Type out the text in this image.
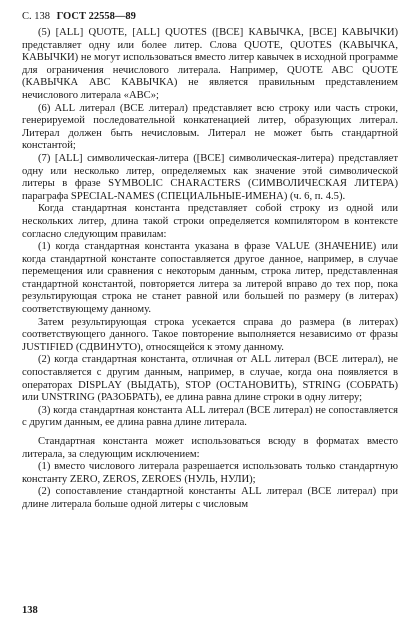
С. 138 ГОСТ 22558—89

(5) [ALL] QUOTE, [ALL] QUOTES ([ВСЕ] КАВЫЧКА, [ВСЕ] КАВЫЧКИ) представляет одну или более литер. Слова QUOTE, QUOTES (КАВЫЧКА, КАВЫЧКИ) не могут использоваться вместо литер кавычек в исходной программе для ограничения нечислового литерала. Например, QUOTE ABC QUOTE (КАВЫЧКА ABC КАВЫЧКА) не является правильным представлением нечислового литерала «ABC»;

(6) ALL литерал (ВСЕ литерал) представляет всю строку или часть строки, генерируемой последовательной конкатенацией литер, образующих литерал. Литерал должен быть нечисловым. Литерал не может быть стандартной константой;

(7) [ALL] символическая-литера ([ВСЕ] символическая-литера) представляет одну или несколько литер, определяемых как значение этой символической литеры в фразе SYMBOLIC CHARACTERS (СИМВОЛИЧЕСКАЯ ЛИТЕРА) параграфа SPECIAL-NAMES (СПЕЦИАЛЬНЫЕ-ИМЕНА) (ч. 6, п. 4.5).

Когда стандартная константа представляет собой строку из одной или нескольких литер, длина такой строки определяется компилятором в контексте согласно следующим правилам:

(1) когда стандартная константа указана в фразе VALUE (ЗНАЧЕНИЕ) или когда стандартной константе сопоставляется другое данное, например, в случае перемещения или сравнения с некоторым данным, строка литер, представленная стандартной константой, повторяется литера за литерой вправо до тех пор, пока результирующая строка не станет равной или большей по размеру (в литерах) соответствующему данному.

Затем результирующая строка усекается справа до размера (в литерах) соответствующего данного. Такое повторение выполняется независимо от фразы JUSTIFIED (СДВИНУТО), относящейся к этому данному.

(2) когда стандартная константа, отличная от ALL литерал (ВСЕ литерал), не сопоставляется с другим данным, например, в случае, когда она появляется в операторах DISPLAY (ВЫДАТЬ), STOP (ОСТАНОВИТЬ), STRING (СОБРАТЬ) или UNSTRING (РАЗОБРАТЬ), ее длина равна длине строки в одну литеру;

(3) когда стандартная константа ALL литерал (ВСЕ литерал) не сопоставляется с другим данным, ее длина равна длине литерала.

Стандартная константа может использоваться всюду в форматах вместо литерала, за следующим исключением:

(1) вместо числового литерала разрешается использовать только стандартную константу ZERO, ZEROS, ZEROES (НУЛЬ, НУЛИ);

(2) сопоставление стандартной константы ALL литерал (ВСЕ литерал) при длине литерала больше одной литеры с числовым

138
